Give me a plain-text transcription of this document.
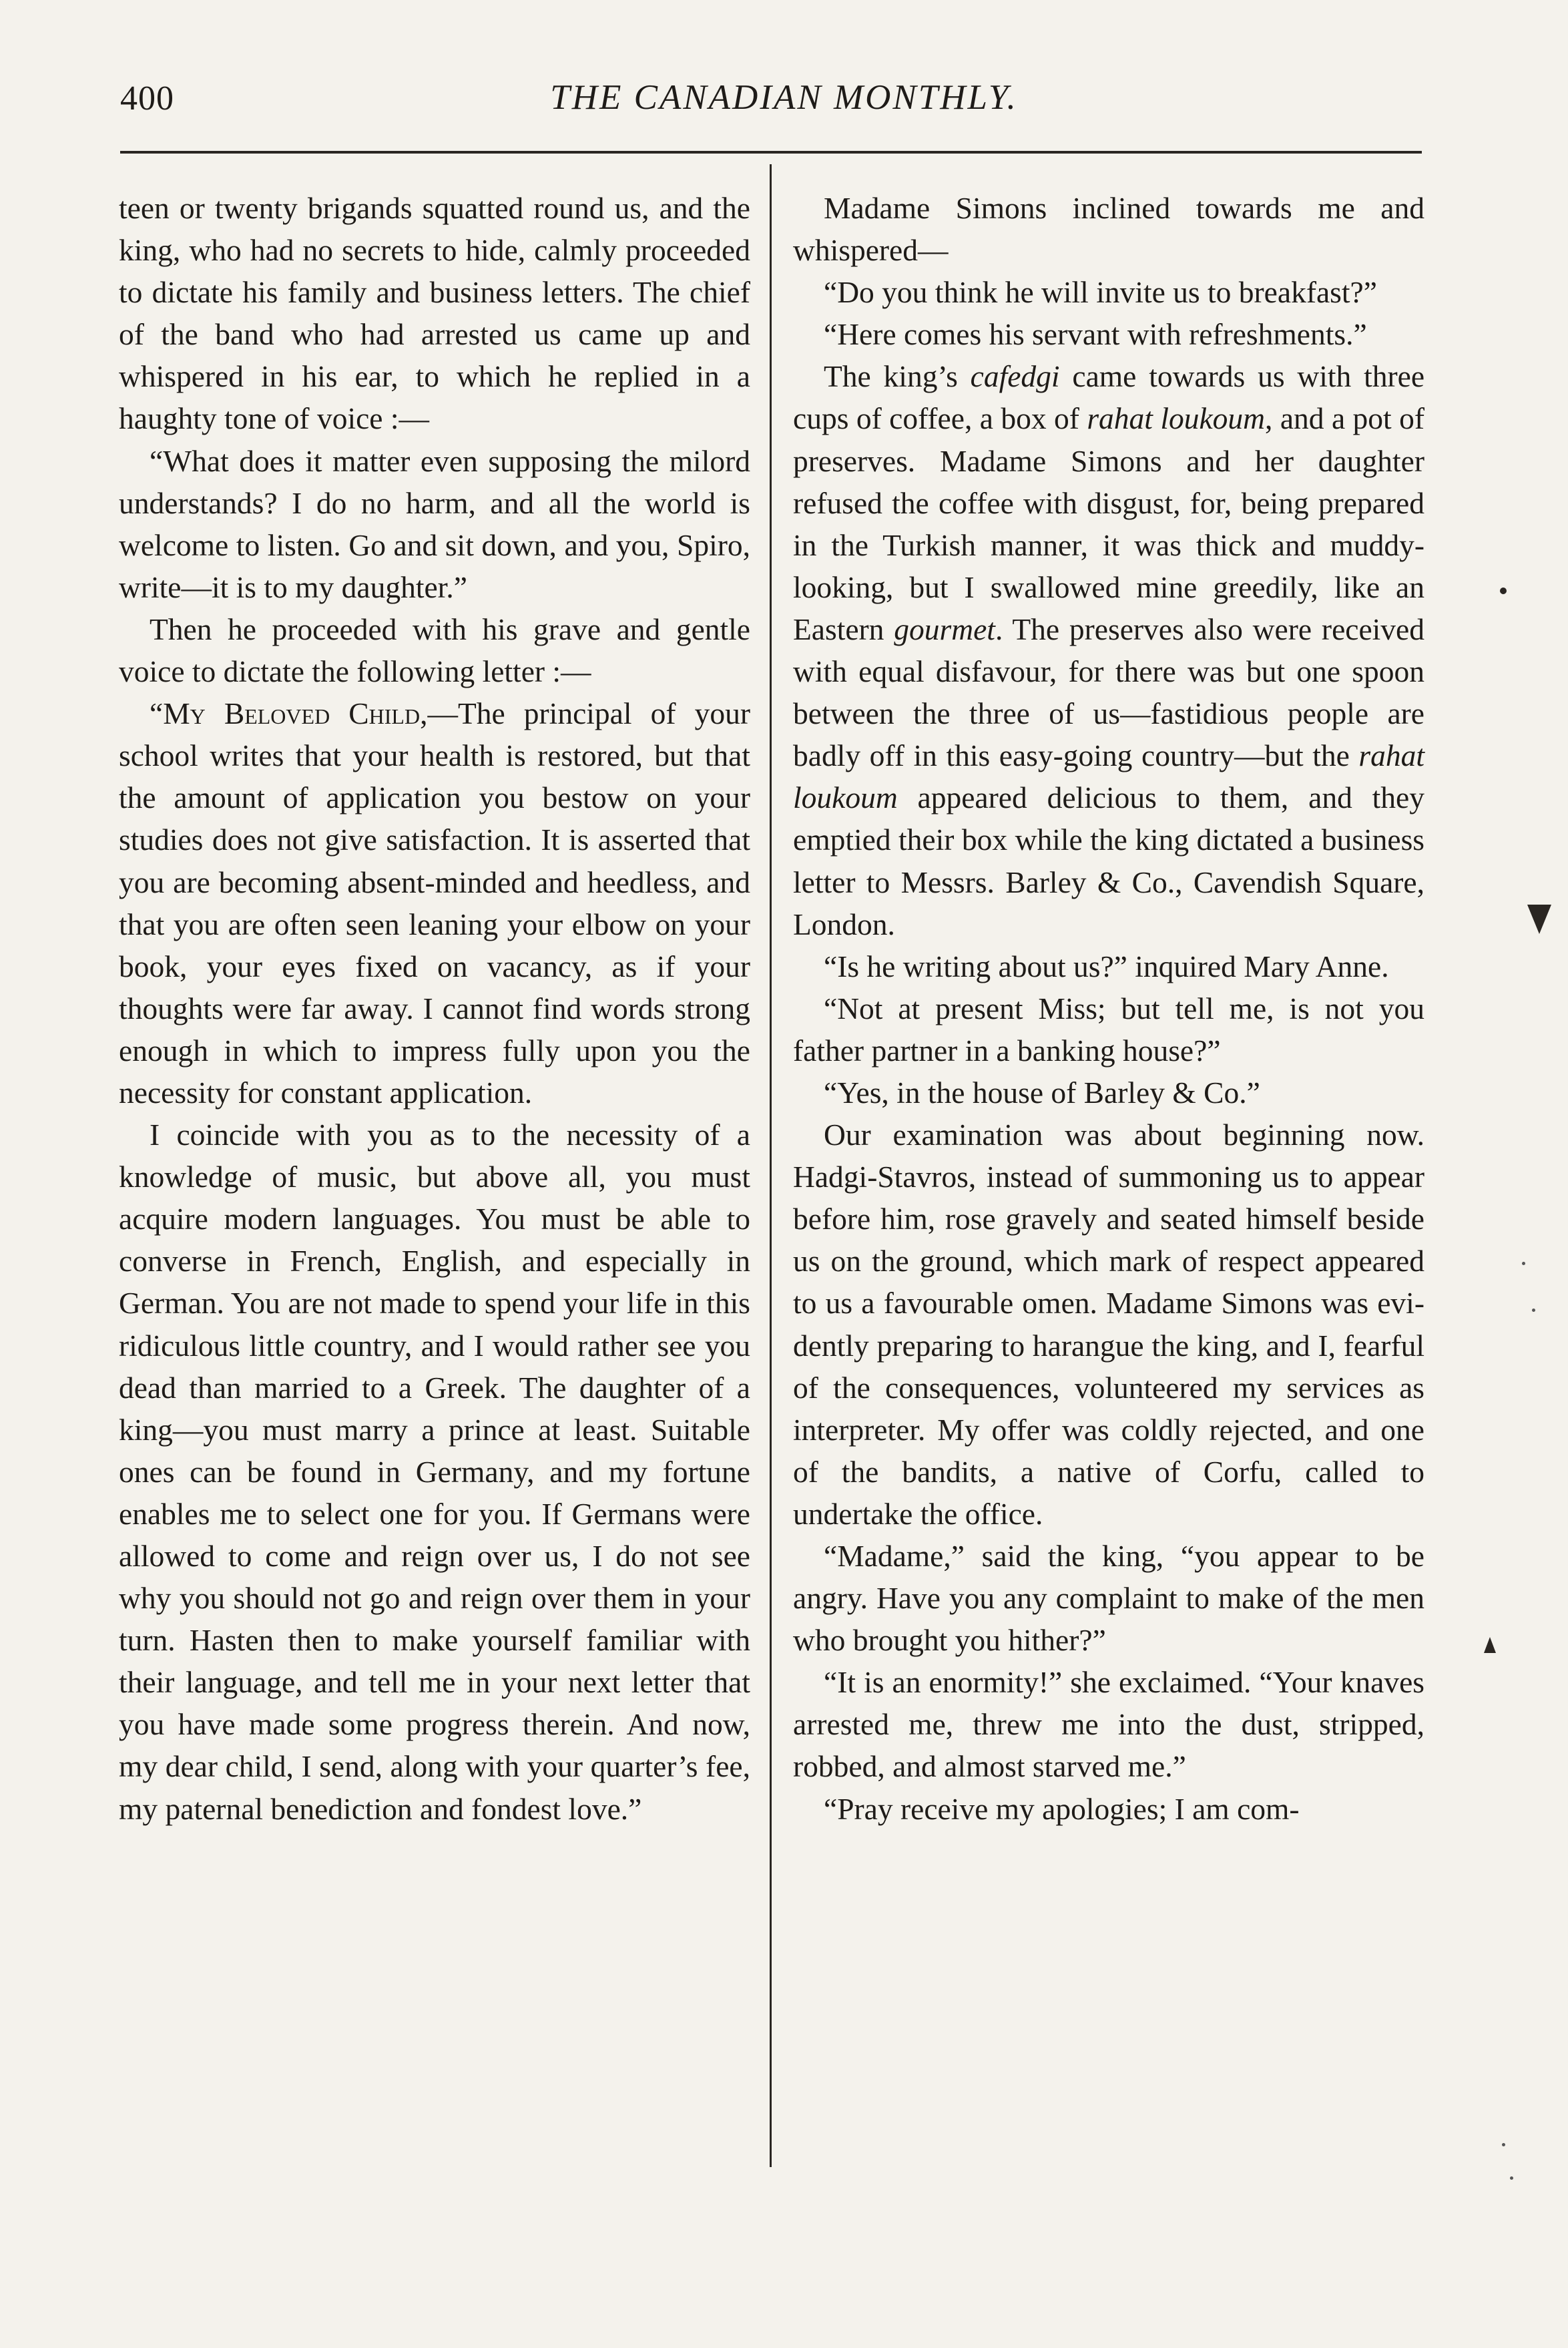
400	THE CANADIAN MONTHLY.

teen or twenty brigands squatted round us, and the king, who had no secrets to hide, calmly proceeded to dictate his family and business letters. The chief of the band who had arrested us came up and whispered in his ear, to which he replied in a haughty tone of voice :—

“What does it matter even supposing the milord understands? I do no harm, and all the world is welcome to listen. Go and sit down, and you, Spiro, write—it is to my daughter.”

Then he proceeded with his grave and gentle voice to dictate the following letter :—

“My Beloved Child,—The principal of your school writes that your health is restored, but that the amount of application you bestow on your studies does not give satisfaction. It is asserted that you are becoming absent-minded and heedless, and that you are often seen leaning your elbow on your book, your eyes fixed on vacancy, as if your thoughts were far away. I cannot find words strong enough in which to impress fully upon you the necessity for constant application.

I coincide with you as to the necessity of a knowledge of music, but above all, you must acquire modern languages. You must be able to converse in French, English, and especially in German. You are not made to spend your life in this ridiculous little country, and I would rather see you dead than married to a Greek. The daughter of a king—you must marry a prince at least. Suitable ones can be found in Germany, and my fortune enables me to select one for you. If Germans were allowed to come and reign over us, I do not see why you should not go and reign over them in your turn. Hasten then to make yourself familiar with their language, and tell me in your next letter that you have made some progress therein. And now, my dear child, I send, along with your quarter’s fee, my paternal benediction and fondest love.”

Madame Simons inclined towards me and whispered—

“Do you think he will invite us to breakfast?”

“Here comes his servant with refreshments.”

The king’s cafedgi came towards us with three cups of coffee, a box of rahat loukoum, and a pot of preserves. Madame Simons and her daughter refused the coffee with disgust, for, being prepared in the Turkish manner, it was thick and muddy-looking, but I swallowed mine greedily, like an Eastern gourmet. The preserves also were received with equal disfavour, for there was but one spoon between the three of us—fastidious people are badly off in this easy-going country—but the rahat loukoum appeared delicious to them, and they emptied their box while the king dictated a business letter to Messrs. Barley & Co., Cavendish Square, London.

“Is he writing about us?” inquired Mary Anne.

“Not at present Miss; but tell me, is not you father partner in a banking house?”

“Yes, in the house of Barley & Co.”

Our examination was about beginning now. Hadgi-Stavros, instead of summoning us to appear before him, rose gravely and seated himself beside us on the ground, which mark of respect appeared to us a favourable omen. Madame Simons was evidently preparing to harangue the king, and I, fearful of the consequences, volunteered my services as interpreter. My offer was coldly rejected, and one of the bandits, a native of Corfu, called to undertake the office.

“Madame,” said the king, “you appear to be angry. Have you any complaint to make of the men who brought you hither?”

“It is an enormity!” she exclaimed. “Your knaves arrested me, threw me into the dust, stripped, robbed, and almost starved me.”

“Pray receive my apologies; I am com-
